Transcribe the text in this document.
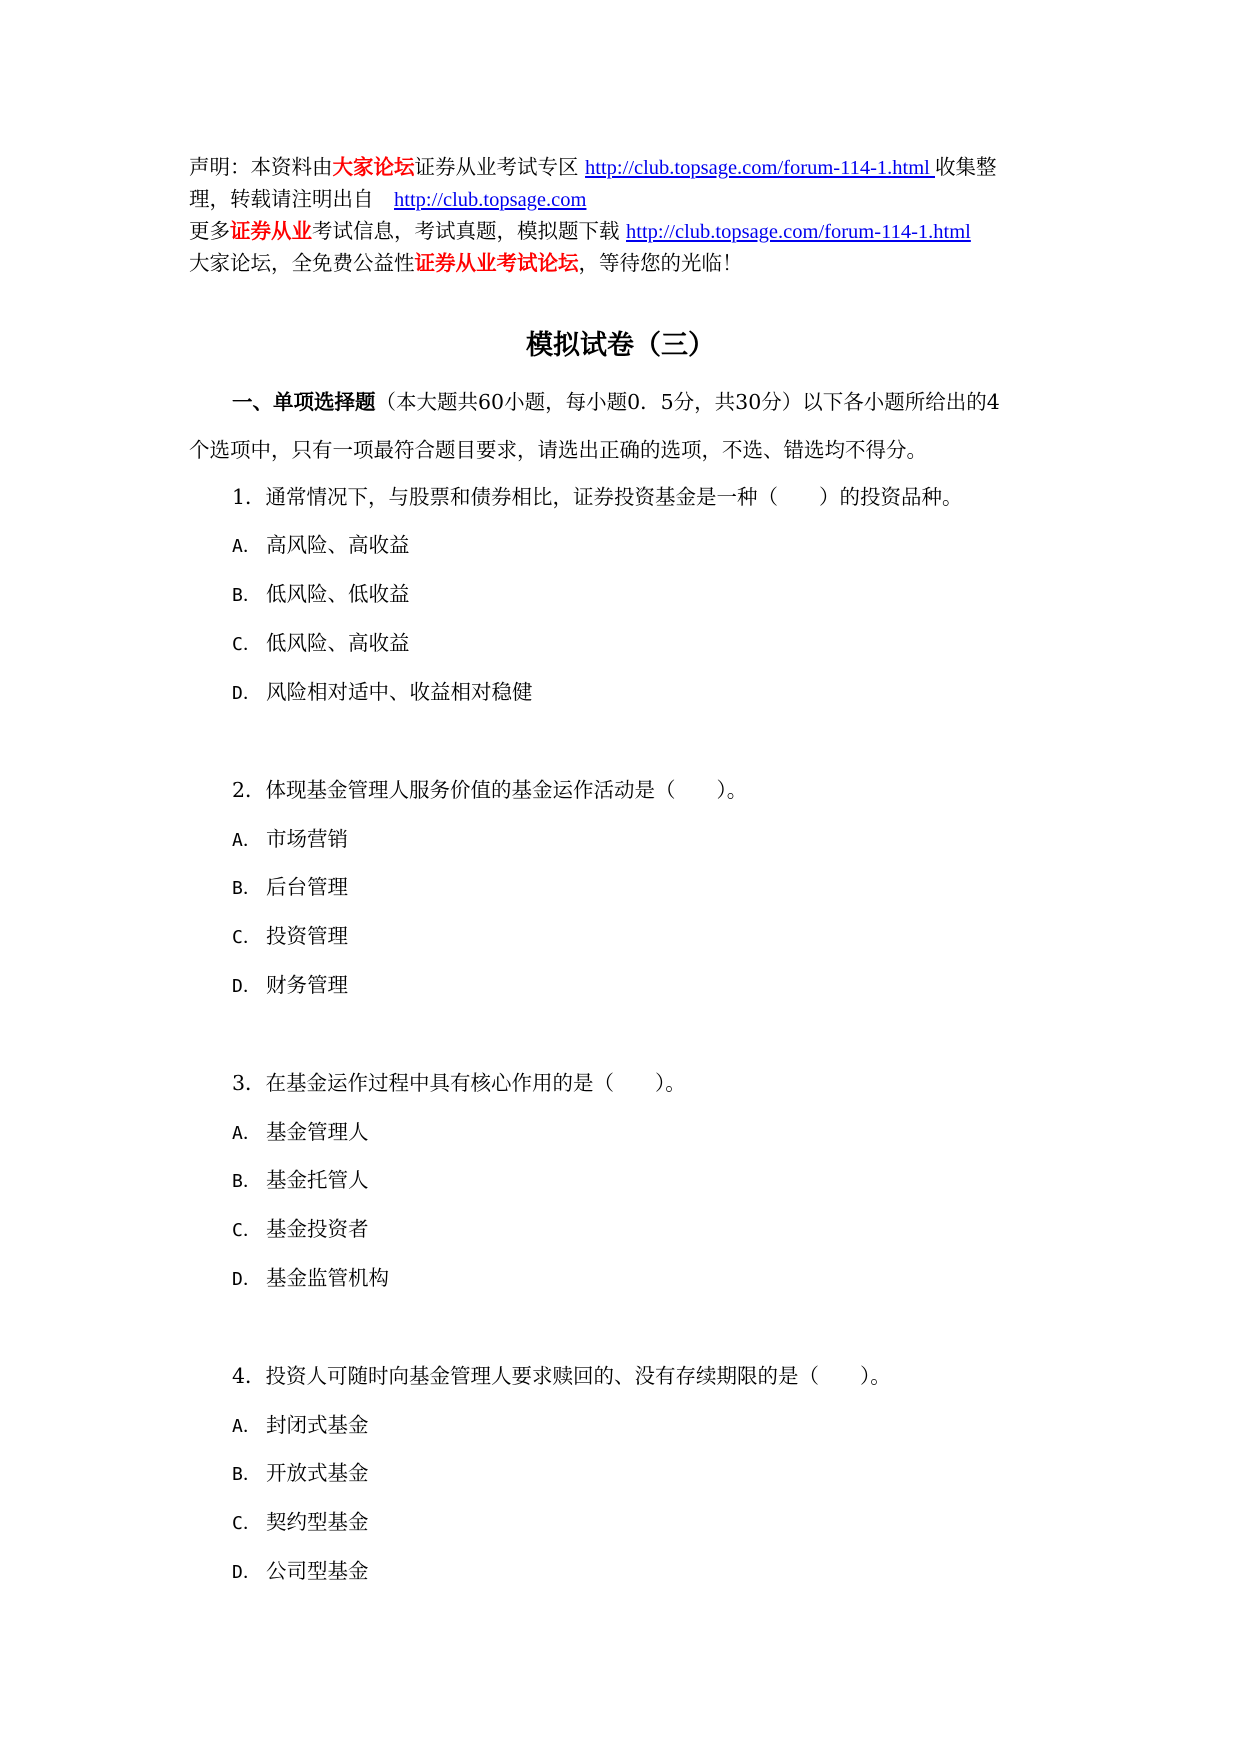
声明：本资料由大家论坛证券从业考试专区 http://club.topsage.com/forum-114-1.html 收集整
理，转载请注明出自　http://club.topsage.com
更多证券从业考试信息，考试真题，模拟题下载 http://club.topsage.com/forum-114-1.html
大家论坛，全免费公益性证券从业考试论坛，等待您的光临！
模拟试卷（三）
一、单项选择题（本大题共60小题，每小题0．5分，共30分）以下各小题所给出的4
个选项中，只有一项最符合题目要求，请选出正确的选项，不选、错选均不得分。
1．通常情况下，与股票和债券相比，证券投资基金是一种（　　）的投资品种。
A． 高风险、高收益
B． 低风险、低收益
C． 低风险、高收益
D． 风险相对适中、收益相对稳健
2．体现基金管理人服务价值的基金运作活动是（　　）。
A． 市场营销
B． 后台管理
C． 投资管理
D． 财务管理
3．在基金运作过程中具有核心作用的是（　　）。
A． 基金管理人
B． 基金托管人
C． 基金投资者
D． 基金监管机构
4．投资人可随时向基金管理人要求赎回的、没有存续期限的是（　　）。
A． 封闭式基金
B． 开放式基金
C． 契约型基金
D． 公司型基金
